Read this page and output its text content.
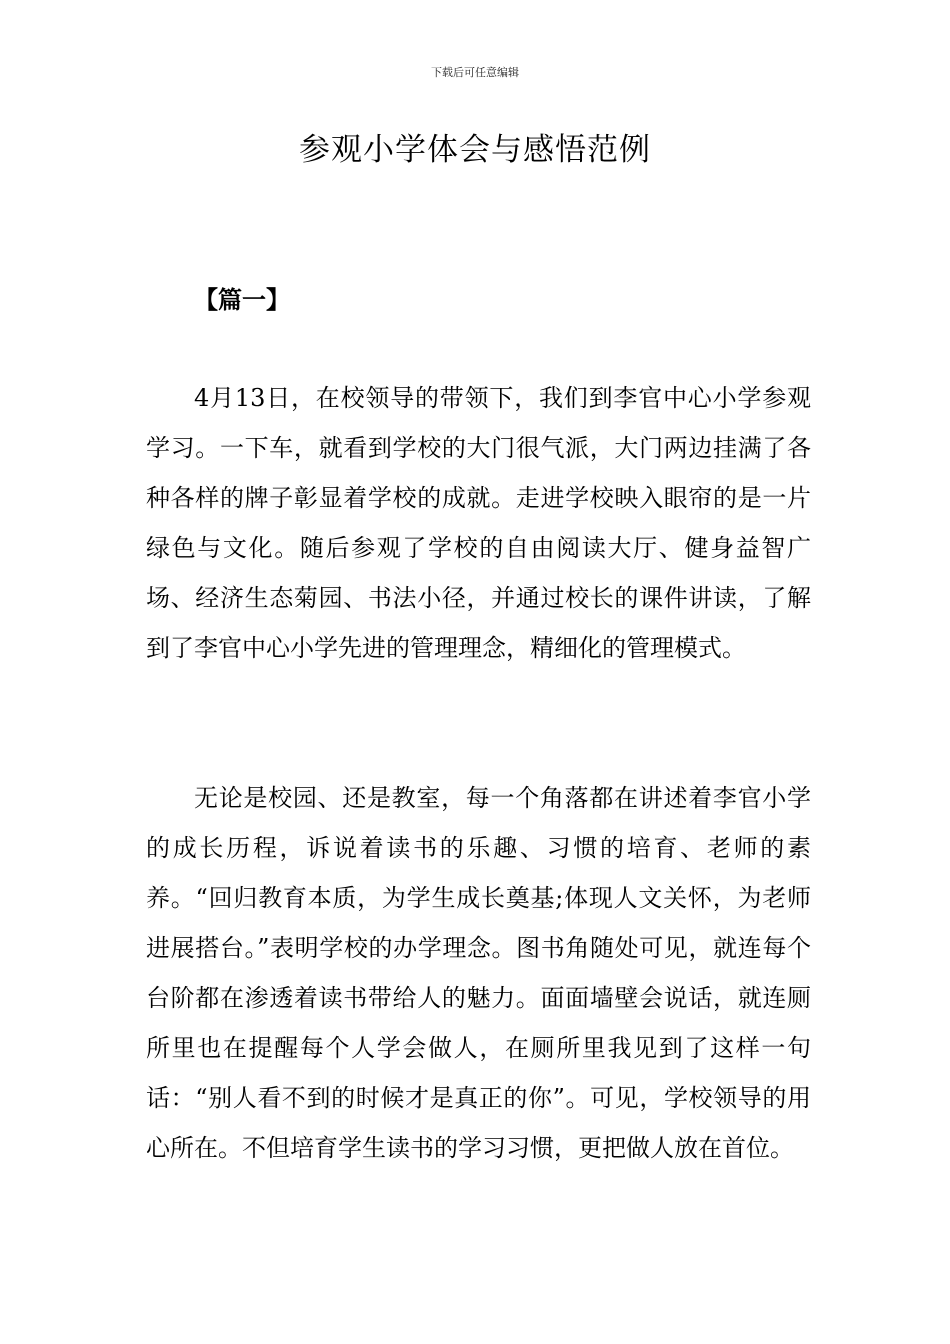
下载后可任意编辑
参观小学体会与感悟范例
【篇一】

4月13日，在校领导的带领下，我们到李官中心小学参观学习。一下车，就看到学校的大门很气派，大门两边挂满了各种各样的牌子彰显着学校的成就。走进学校映入眼帘的是一片绿色与文化。随后参观了学校的自由阅读大厅、健身益智广场、经济生态菊园、书法小径，并通过校长的课件讲读，了解到了李官中心小学先进的管理理念，精细化的管理模式。

无论是校园、还是教室，每一个角落都在讲述着李官小学的成长历程，诉说着读书的乐趣、习惯的培育、老师的素养。“回归教育本质，为学生成长奠基;体现人文关怀，为老师进展搭台。”表明学校的办学理念。图书角随处可见，就连每个台阶都在渗透着读书带给人的魅力。面面墙壁会说话，就连厕所里也在提醒每个人学会做人，在厕所里我见到了这样一句话：“别人看不到的时候才是真正的你”。可见，学校领导的用心所在。不但培育学生读书的学习习惯，更把做人放在首位。
